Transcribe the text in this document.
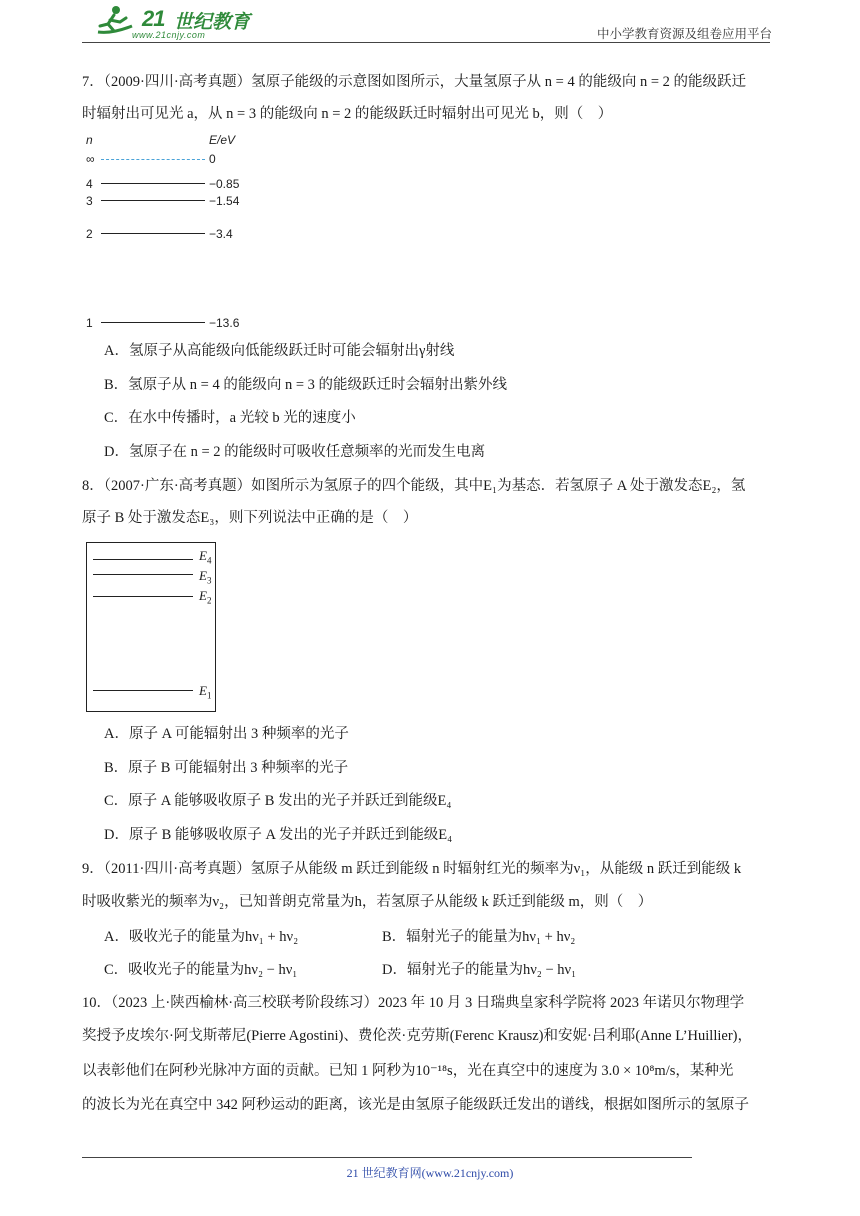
21 世纪教育
www.21cnjy.com	中小学教育资源及组卷应用平台

7．（2009·四川·高考真题）氢原子能级的示意图如图所示，大量氢原子从 n = 4 的能级向 n = 2 的能级跃迁

时辐射出可见光 a，从 n = 3 的能级向 n = 2 的能级跃迁时辐射出可见光 b，则（　）

n	E/eV
∞	0
4	−0.85
3	−1.54
2	−3.4
1	−13.6

A．氢原子从高能级向低能级跃迁时可能会辐射出γ射线

B．氢原子从 n = 4 的能级向 n = 3 的能级跃迁时会辐射出紫外线

C．在水中传播时，a 光较 b 光的速度小

D．氢原子在 n = 2 的能级时可吸收任意频率的光而发生电离

8．（2007·广东·高考真题）如图所示为氢原子的四个能级，其中E₁为基态．若氢原子 A 处于激发态E₂，氢

原子 B 处于激发态E₃，则下列说法中正确的是（　）

$E_4$
$E_3$
$E_2$
$E_1$

A．原子 A 可能辐射出 3 种频率的光子

B．原子 B 可能辐射出 3 种频率的光子

C．原子 A 能够吸收原子 B 发出的光子并跃迁到能级E₄

D．原子 B 能够吸收原子 A 发出的光子并跃迁到能级E₄

9．（2011·四川·高考真题）氢原子从能级 m 跃迁到能级 n 时辐射红光的频率为ν₁，从能级 n 跃迁到能级 k

时吸收紫光的频率为ν₂，已知普朗克常量为h，若氢原子从能级 k 跃迁到能级 m，则（　）

A．吸收光子的能量为hν₁ + hν₂	B．辐射光子的能量为hν₁ + hν₂

C．吸收光子的能量为hν₂ − hν₁	D．辐射光子的能量为hν₂ − hν₁

10．（2023 上·陕西榆林·高三校联考阶段练习）2023 年 10 月 3 日瑞典皇家科学院将 2023 年诺贝尔物理学

奖授予皮埃尔·阿戈斯蒂尼(Pierre Agostini)、费伦茨·克劳斯(Ferenc Krausz)和安妮·吕利耶(Anne L’Huillier)，

以表彰他们在阿秒光脉冲方面的贡献。已知 1 阿秒为10⁻¹⁸s，光在真空中的速度为 3.0 × 10⁸m/s，某种光

的波长为光在真空中 342 阿秒运动的距离，该光是由氢原子能级跃迁发出的谱线，根据如图所示的氢原子

21 世纪教育网(www.21cnjy.com)
